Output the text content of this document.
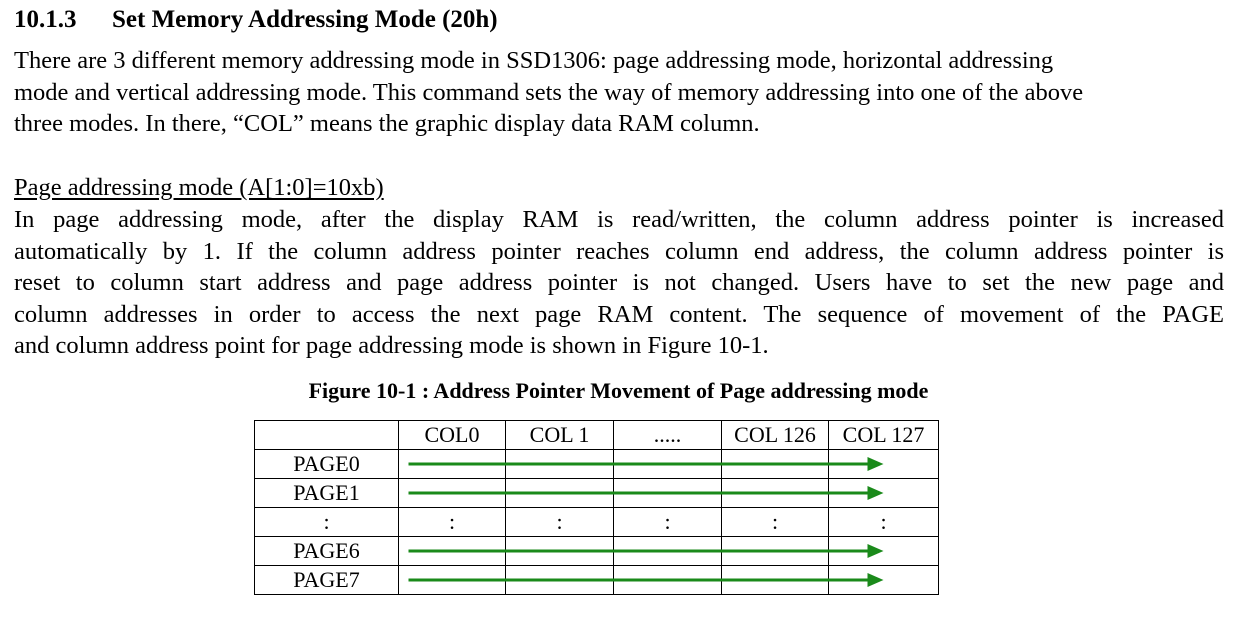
10.1.3 Set Memory Addressing Mode (20h)
There are 3 different memory addressing mode in SSD1306: page addressing mode, horizontal addressing
mode and vertical addressing mode. This command sets the way of memory addressing into one of the above
three modes. In there, “COL” means the graphic display data RAM column.
Page addressing mode (A[1:0]=10xb)
In page addressing mode, after the display RAM is read/written, the column address pointer is increased
automatically by 1. If the column address pointer reaches column end address, the column address pointer is
reset to column start address and page address pointer is not changed. Users have to set the new page and
column addresses in order to access the next page RAM content. The sequence of movement of the PAGE
and column address point for page addressing mode is shown in Figure 10-1.
Figure 10-1 : Address Pointer Movement of Page addressing mode
	COL0	COL 1	.....	COL 126	COL 127
PAGE0					
PAGE1					
:	:	:	:	:	:
PAGE6					
PAGE7					
